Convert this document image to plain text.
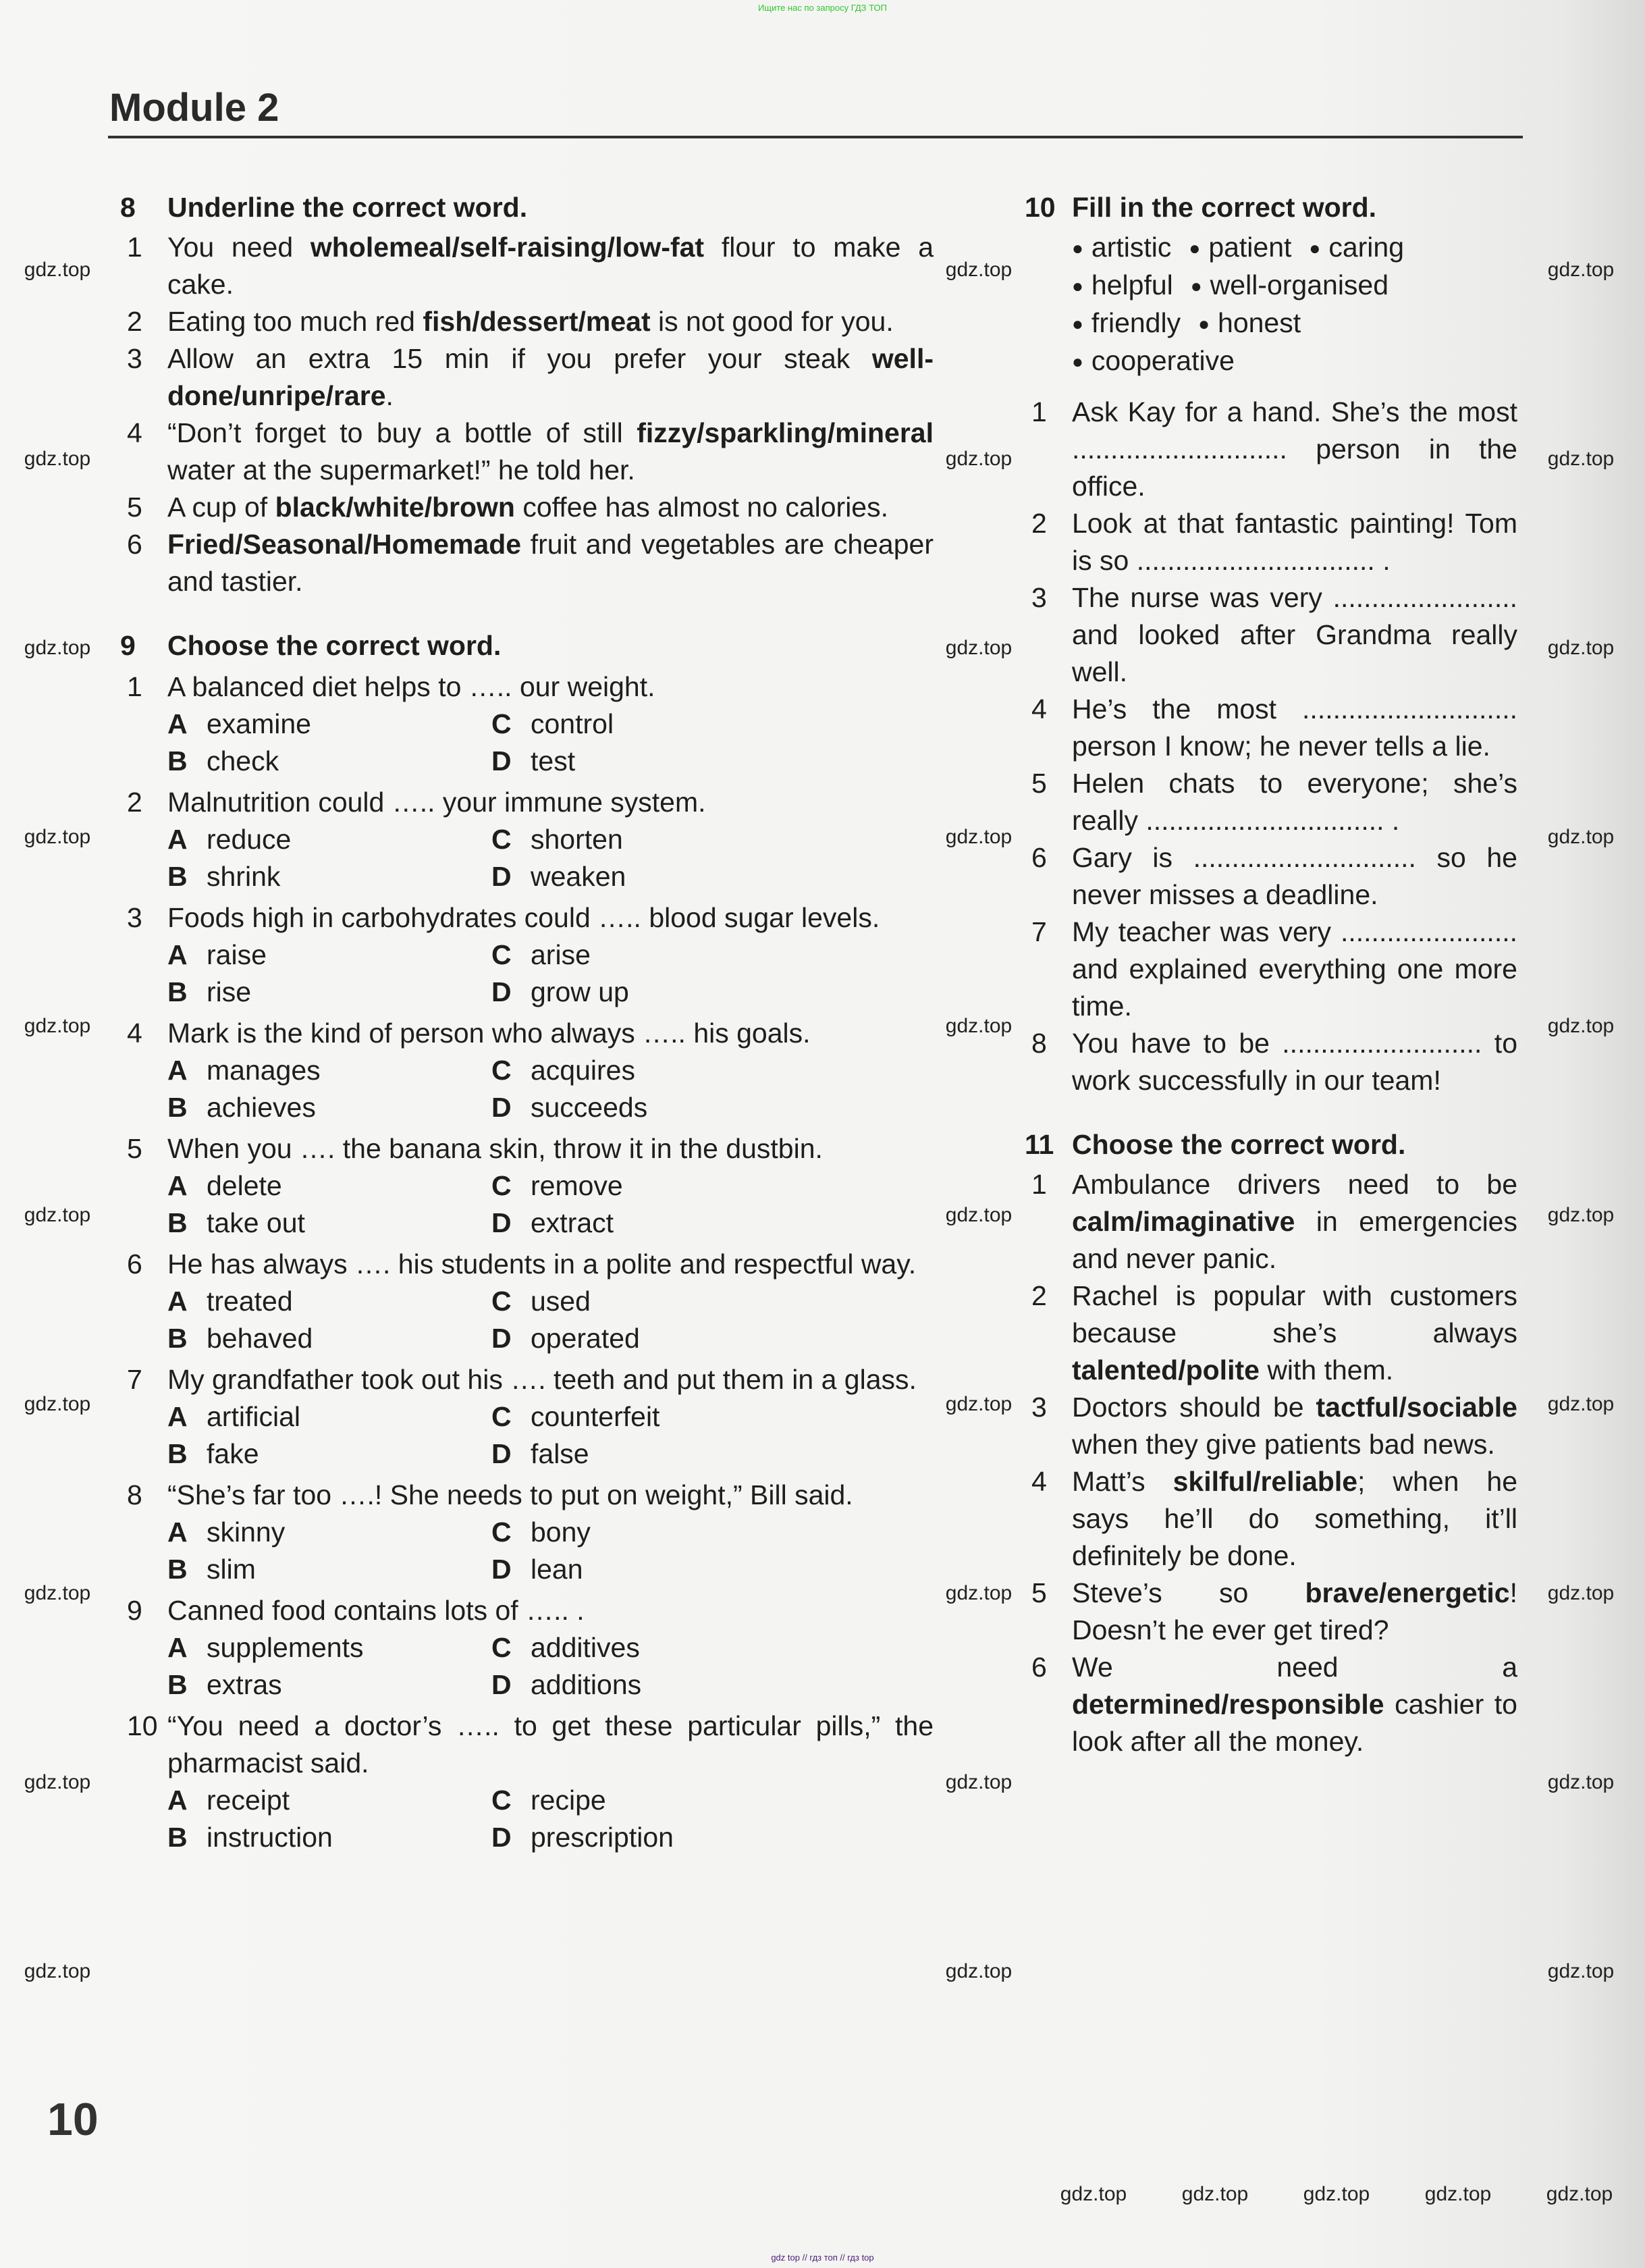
Ищите нас по запросу ГДЗ ТОП
Module 2
8	Underline the correct word.
1 You need wholemeal/self-raising/low-fat flour to make a cake.
2 Eating too much red fish/dessert/meat is not good for you.
3 Allow an extra 15 min if you prefer your steak well-done/unripe/rare.
4 “Don’t forget to buy a bottle of still fizzy/sparkling/mineral water at the supermarket!” he told her.
5 A cup of black/white/brown coffee has almost no calories.
6 Fried/Seasonal/Homemade fruit and vegetables are cheaper and tastier.
9	Choose the correct word.
1 A balanced diet helps to ….. our weight.
A examine	C control
B check	D test
2 Malnutrition could ….. your immune system.
A reduce	C shorten
B shrink	D weaken
3 Foods high in carbohydrates could ….. blood sugar levels.
A raise	C arise
B rise	D grow up
4 Mark is the kind of person who always ….. his goals.
A manages	C acquires
B achieves	D succeeds
5 When you …. the banana skin, throw it in the dustbin.
A delete	C remove
B take out	D extract
6 He has always …. his students in a polite and respectful way.
A treated	C used
B behaved	D operated
7 My grandfather took out his …. teeth and put them in a glass.
A artificial	C counterfeit
B fake	D false
8 “She’s far too ….! She needs to put on weight,” Bill said.
A skinny	C bony
B slim	D lean
9 Canned food contains lots of ….. .
A supplements	C additives
B extras	D additions
10 “You need a doctor’s ….. to get these particular pills,” the pharmacist said.
A receipt	C recipe
B instruction	D prescription
10 Fill in the correct word.
● artistic	● patient	● caring
● helpful	● well-organised
● friendly	● honest
● cooperative
1 Ask Kay for a hand. She’s the most ............................ person in the office.
2 Look at that fantastic painting! Tom is so ............................... .
3 The nurse was very ........................ and looked after Grandma really well.
4 He’s the most ............................ person I know; he never tells a lie.
5 Helen chats to everyone; she’s really ............................... .
6 Gary is ............................. so he never misses a deadline.
7 My teacher was very ....................... and explained everything one more time.
8 You have to be .......................... to work successfully in our team!
11 Choose the correct word.
1 Ambulance drivers need to be calm/imaginative in emergencies and never panic.
2 Rachel is popular with customers because she’s always talented/polite with them.
3 Doctors should be tactful/sociable when they give patients bad news.
4 Matt’s skilful/reliable; when he says he’ll do something, it’ll definitely be done.
5 Steve’s so brave/energetic! Doesn’t he ever get tired?
6 We need a determined/responsible cashier to look after all the money.
10
gdz.top
gdz.top
gdz.top
gdz.top
gdz.top
gdz.top
gdz.top
gdz.top
gdz.top
gdz.top
gdz.top
gdz.top
gdz.top
gdz.top
gdz.top
gdz.top
gdz.top
gdz.top
gdz.top
gdz.top
gdz.top
gdz.top
gdz.top
gdz.top
gdz.top
gdz.top
gdz.top
gdz.top
gdz.top
gdz.top
gdz.top	gdz.top	gdz.top	gdz.top	gdz.top
gdz top // гдз топ // гдз top
